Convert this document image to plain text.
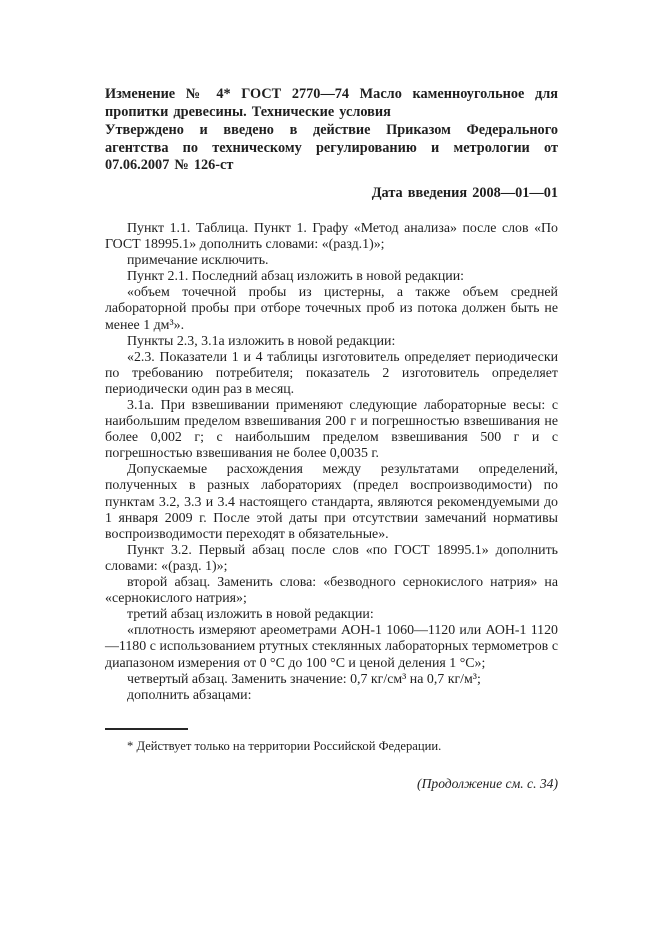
Изменение № 4* ГОСТ 2770—74 Масло каменноугольное для пропитки древесины. Технические условия

Утверждено и введено в действие Приказом Федерального агентства по техническому регулированию и метрологии от 07.06.2007 № 126-ст

Дата введения 2008—01—01

Пункт 1.1. Таблица. Пункт 1. Графу «Метод анализа» после слов «По ГОСТ 18995.1» дополнить словами: «(разд.1)»;

примечание исключить.

Пункт 2.1. Последний абзац изложить в новой редакции:

«объем точечной пробы из цистерны, а также объем средней лабораторной пробы при отборе точечных проб из потока должен быть не менее 1 дм³».

Пункты 2.3, 3.1а изложить в новой редакции:

«2.3. Показатели 1 и 4 таблицы изготовитель определяет периодически по требованию потребителя; показатель 2 изготовитель определяет периодически один раз в месяц.

3.1а. При взвешивании применяют следующие лабораторные весы: с наибольшим пределом взвешивания 200 г и погрешностью взвешивания не более 0,002 г; с наибольшим пределом взвешивания 500 г и с погрешностью взвешивания не более 0,0035 г.

Допускаемые расхождения между результатами определений, полученных в разных лабораториях (предел воспроизводимости) по пунктам 3.2, 3.3 и 3.4 настоящего стандарта, являются рекомендуемыми до 1 января 2009 г. После этой даты при отсутствии замечаний нормативы воспроизводимости переходят в обязательные».

Пункт 3.2. Первый абзац после слов «по ГОСТ 18995.1» дополнить словами: «(разд. 1)»;

второй абзац. Заменить слова: «безводного сернокислого натрия» на «сернокислого натрия»;

третий абзац изложить в новой редакции:

«плотность измеряют ареометрами АОН-1 1060—1120 или АОН-1 1120—1180 с использованием ртутных стеклянных лабораторных термометров с диапазоном измерения от 0 °С до 100 °С и ценой деления 1 °С»;

четвертый абзац. Заменить значение: 0,7 кг/см³ на 0,7 кг/м³;

дополнить абзацами:

* Действует только на территории Российской Федерации.

(Продолжение см. с. 34)
